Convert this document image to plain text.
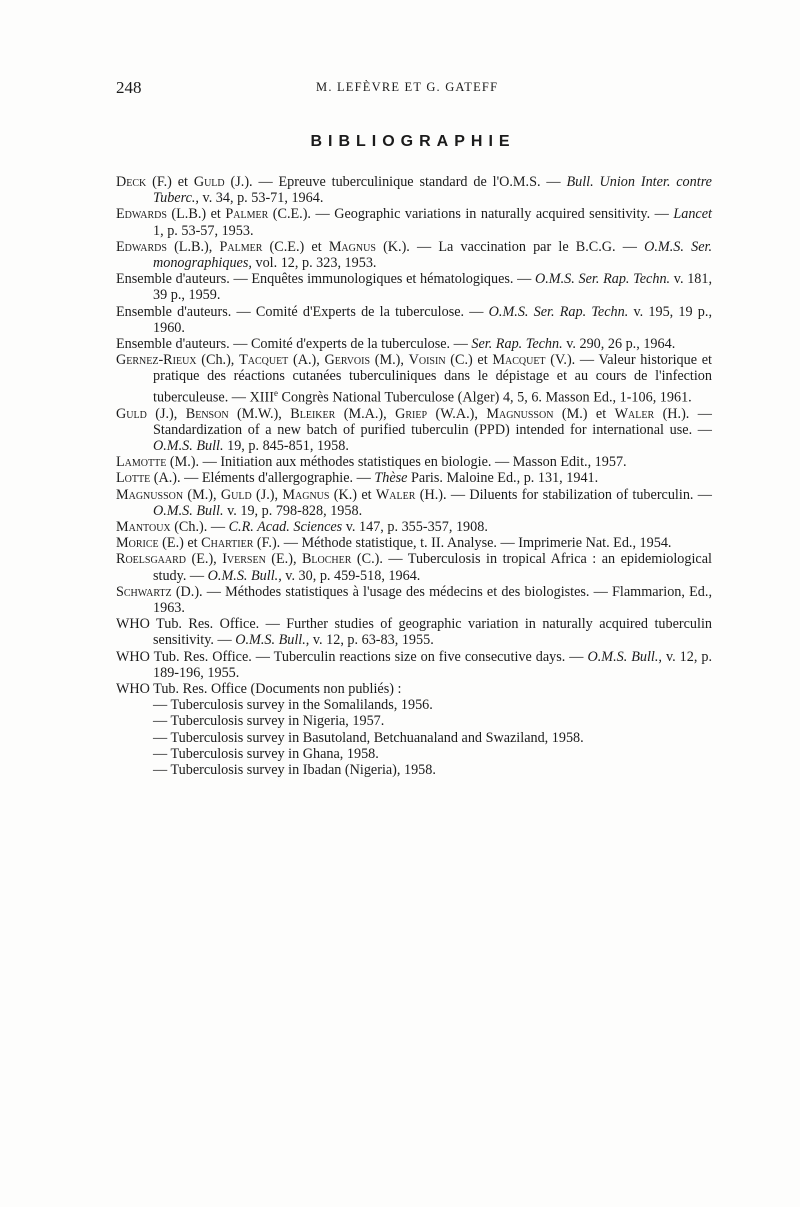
248	M. LEFÈVRE ET G. GATEFF
BIBLIOGRAPHIE
Deck (F.) et Guld (J.). — Epreuve tuberculinique standard de l'O.M.S. — Bull. Union Inter. contre Tuberc., v. 34, p. 53-71, 1964.
Edwards (L.B.) et Palmer (C.E.). — Geographic variations in naturally acquired sensitivity. — Lancet 1, p. 53-57, 1953.
Edwards (L.B.), Palmer (C.E.) et Magnus (K.). — La vaccination par le B.C.G. — O.M.S. Ser. monographiques, vol. 12, p. 323, 1953.
Ensemble d'auteurs. — Enquêtes immunologiques et hématologiques. — O.M.S. Ser. Rap. Techn. v. 181, 39 p., 1959.
Ensemble d'auteurs. — Comité d'Experts de la tuberculose. — O.M.S. Ser. Rap. Techn. v. 195, 19 p., 1960.
Ensemble d'auteurs. — Comité d'experts de la tuberculose. — Ser. Rap. Techn. v. 290, 26 p., 1964.
Gernez-Rieux (Ch.), Tacquet (A.), Gervois (M.), Voisin (C.) et Macquet (V.). — Valeur historique et pratique des réactions cutanées tuberculiniques dans le dépistage et au cours de l'infection tuberculeuse. — XIIIe Congrès National Tuberculose (Alger) 4, 5, 6. Masson Ed., 1-106, 1961.
Guld (J.), Benson (M.W.), Bleiker (M.A.), Griep (W.A.), Magnusson (M.) et Waler (H.). — Standardization of a new batch of purified tuberculin (PPD) intended for international use. — O.M.S. Bull. 19, p. 845-851, 1958.
Lamotte (M.). — Initiation aux méthodes statistiques en biologie. — Masson Edit., 1957.
Lotte (A.). — Eléments d'allergographie. — Thèse Paris. Maloine Ed., p. 131, 1941.
Magnusson (M.), Guld (J.), Magnus (K.) et Waler (H.). — Diluents for stabilization of tuberculin. — O.M.S. Bull. v. 19, p. 798-828, 1958.
Mantoux (Ch.). — C.R. Acad. Sciences v. 147, p. 355-357, 1908.
Morice (E.) et Chartier (F.). — Méthode statistique, t. II. Analyse. — Imprimerie Nat. Ed., 1954.
Roelsgaard (E.), Iversen (E.), Blocher (C.). — Tuberculosis in tropical Africa : an epidemiological study. — O.M.S. Bull., v. 30, p. 459-518, 1964.
Schwartz (D.). — Méthodes statistiques à l'usage des médecins et des biologistes. — Flammarion, Ed., 1963.
WHO Tub. Res. Office. — Further studies of geographic variation in naturally acquired tuberculin sensitivity. — O.M.S. Bull., v. 12, p. 63-83, 1955.
WHO Tub. Res. Office. — Tuberculin reactions size on five consecutive days. — O.M.S. Bull., v. 12, p. 189-196, 1955.
WHO Tub. Res. Office (Documents non publiés) :
— Tuberculosis survey in the Somalilands, 1956.
— Tuberculosis survey in Nigeria, 1957.
— Tuberculosis survey in Basutoland, Betchuanaland and Swaziland, 1958.
— Tuberculosis survey in Ghana, 1958.
— Tuberculosis survey in Ibadan (Nigeria), 1958.
